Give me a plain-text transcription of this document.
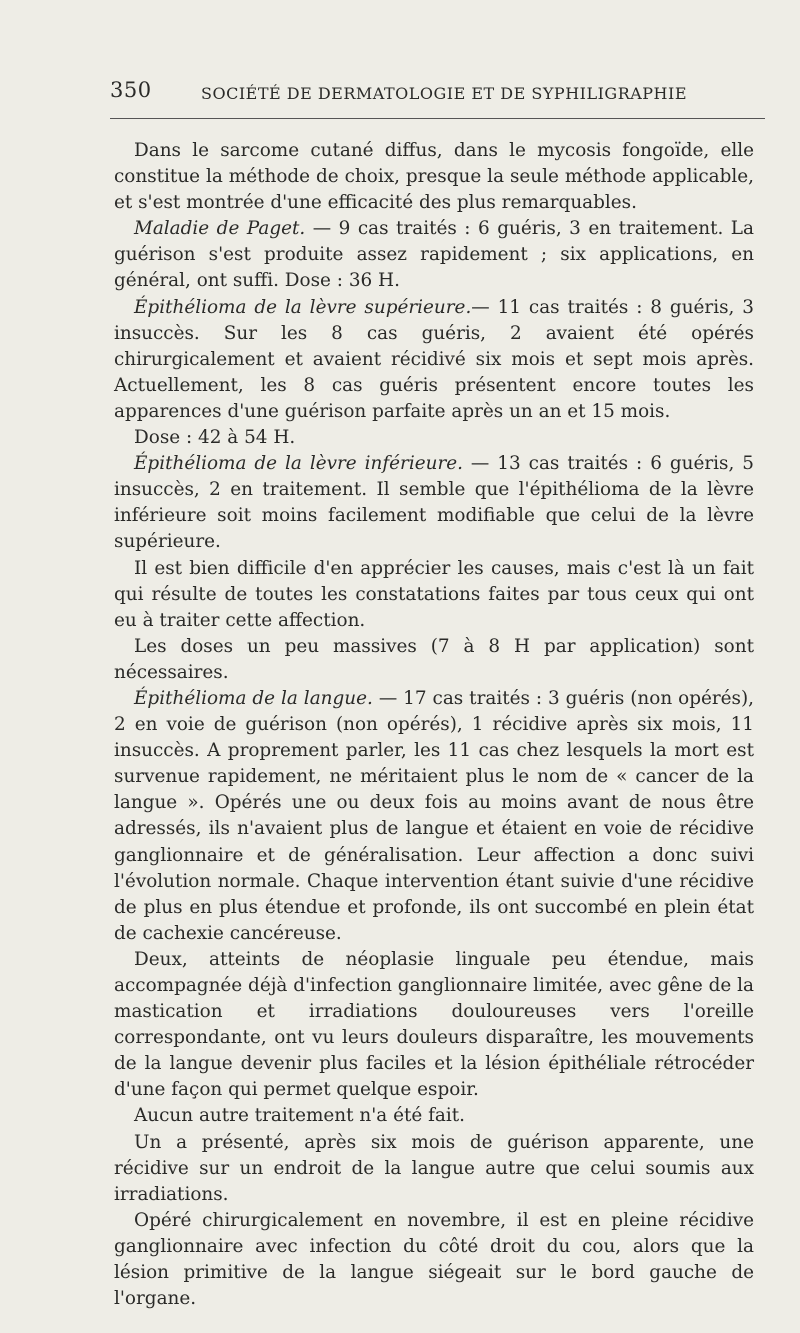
350	SOCIÉTÉ DE DERMATOLOGIE ET DE SYPHILIGRAPHIE

Dans le sarcome cutané diffus, dans le mycosis fongoïde, elle constitue la méthode de choix, presque la seule méthode applicable, et s'est montrée d'une efficacité des plus remarquables.

Maladie de Paget. — 9 cas traités : 6 guéris, 3 en traitement. La guérison s'est produite assez rapidement ; six applications, en général, ont suffi. Dose : 36 H.

Épithélioma de la lèvre supérieure.— 11 cas traités : 8 guéris, 3 insuccès. Sur les 8 cas guéris, 2 avaient été opérés chirurgicalement et avaient récidivé six mois et sept mois après. Actuellement, les 8 cas guéris présentent encore toutes les apparences d'une guérison parfaite après un an et 15 mois.

Dose : 42 à 54 H.

Épithélioma de la lèvre inférieure. — 13 cas traités : 6 guéris, 5 insuccès, 2 en traitement. Il semble que l'épithélioma de la lèvre inférieure soit moins facilement modifiable que celui de la lèvre supérieure.

Il est bien difficile d'en apprécier les causes, mais c'est là un fait qui résulte de toutes les constatations faites par tous ceux qui ont eu à traiter cette affection.

Les doses un peu massives (7 à 8 H par application) sont nécessaires.

Épithélioma de la langue. — 17 cas traités : 3 guéris (non opérés), 2 en voie de guérison (non opérés), 1 récidive après six mois, 11 insuccès. A proprement parler, les 11 cas chez lesquels la mort est survenue rapidement, ne méritaient plus le nom de « cancer de la langue ». Opérés une ou deux fois au moins avant de nous être adressés, ils n'avaient plus de langue et étaient en voie de récidive ganglionnaire et de généralisation. Leur affection a donc suivi l'évolution normale. Chaque intervention étant suivie d'une récidive de plus en plus étendue et profonde, ils ont succombé en plein état de cachexie cancéreuse.

Deux, atteints de néoplasie linguale peu étendue, mais accompagnée déjà d'infection ganglionnaire limitée, avec gêne de la mastication et irradiations douloureuses vers l'oreille correspondante, ont vu leurs douleurs disparaître, les mouvements de la langue devenir plus faciles et la lésion épithéliale rétrocéder d'une façon qui permet quelque espoir.

Aucun autre traitement n'a été fait.

Un a présenté, après six mois de guérison apparente, une récidive sur un endroit de la langue autre que celui soumis aux irradiations.

Opéré chirurgicalement en novembre, il est en pleine récidive ganglionnaire avec infection du côté droit du cou, alors que la lésion primitive de la langue siégeait sur le bord gauche de l'organe.
